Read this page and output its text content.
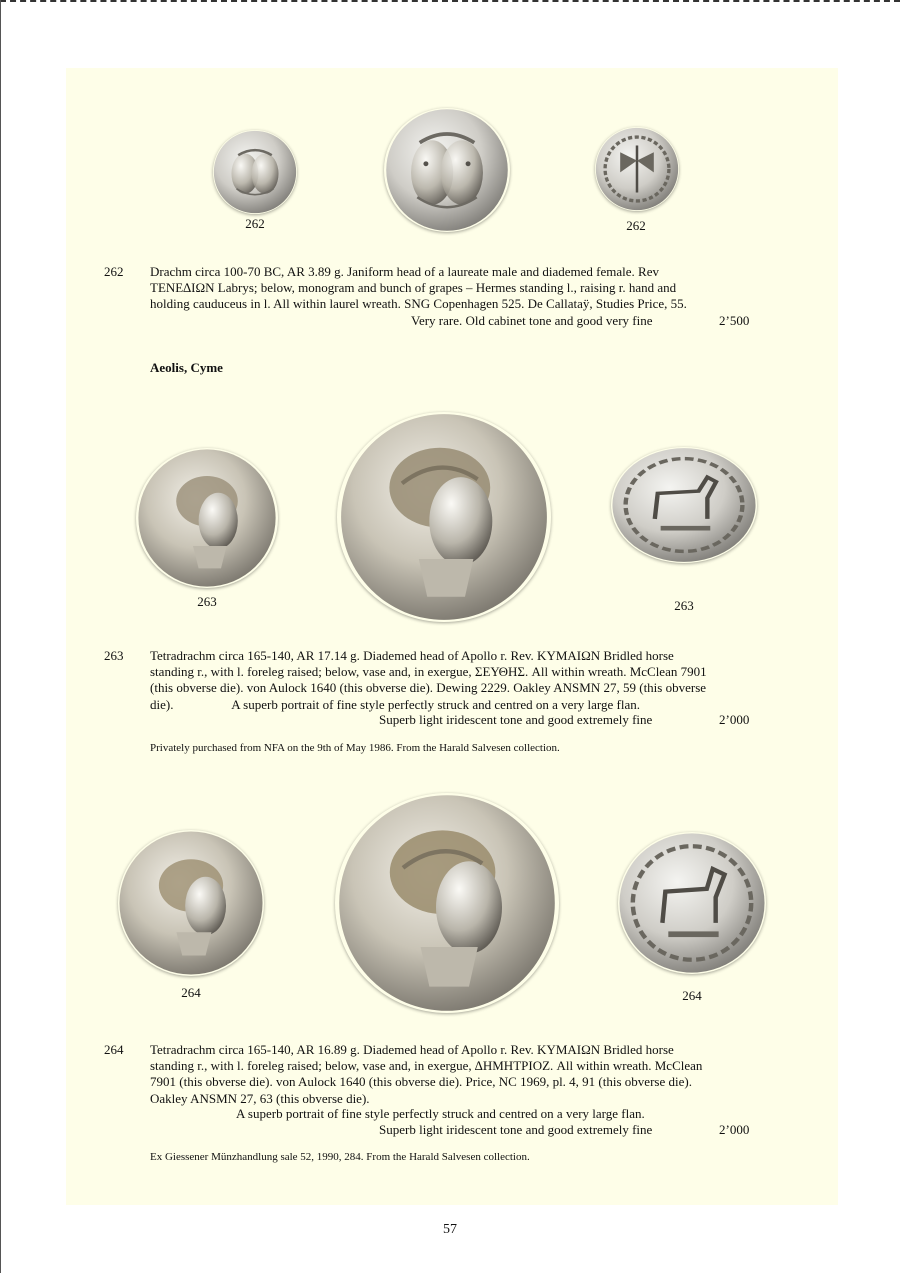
262	262
262 Drachm circa 100-70 BC, AR 3.89 g. Janiform head of a laureate male and diademed female. Rev
TENE∆IΩN Labrys; below, monogram and bunch of grapes – Hermes standing l., raising r. hand and
holding cauduceus in l. All within laurel wreath. SNG Copenhagen 525. De Callataÿ, Studies Price, 55.
Very rare. Old cabinet tone and good very fine	2’500
Aeolis, Cyme
263	263
263 Tetradrachm circa 165-140, AR 17.14 g. Diademed head of Apollo r. Rev. KYMAIΩN Bridled horse
standing r., with l. foreleg raised; below, vase and, in exergue, ΣΕΥΘΗΣ. All within wreath. McClean 7901
(this obverse die). von Aulock 1640 (this obverse die). Dewing 2229. Oakley ANSMN 27, 59 (this obverse
die).                  A superb portrait of fine style perfectly struck and centred on a very large flan.
Superb light iridescent tone and good extremely fine	2’000
Privately purchased from NFA on the 9th of May 1986. From the Harald Salvesen collection.
264	264
264 Tetradrachm circa 165-140, AR 16.89 g. Diademed head of Apollo r. Rev. KYMAIΩN Bridled horse
standing r., with l. foreleg raised; below, vase and, in exergue, ∆ΗΜΗΤΡΙΟΖ. All within wreath. McClean
7901 (this obverse die). von Aulock 1640 (this obverse die). Price, NC 1969, pl. 4, 91 (this obverse die).
Oakley ANSMN 27, 63 (this obverse die).
A superb portrait of fine style perfectly struck and centred on a very large flan.
Superb light iridescent tone and good extremely fine	2’000
Ex Giessener Münzhandlung sale 52, 1990, 284. From the Harald Salvesen collection.
57
